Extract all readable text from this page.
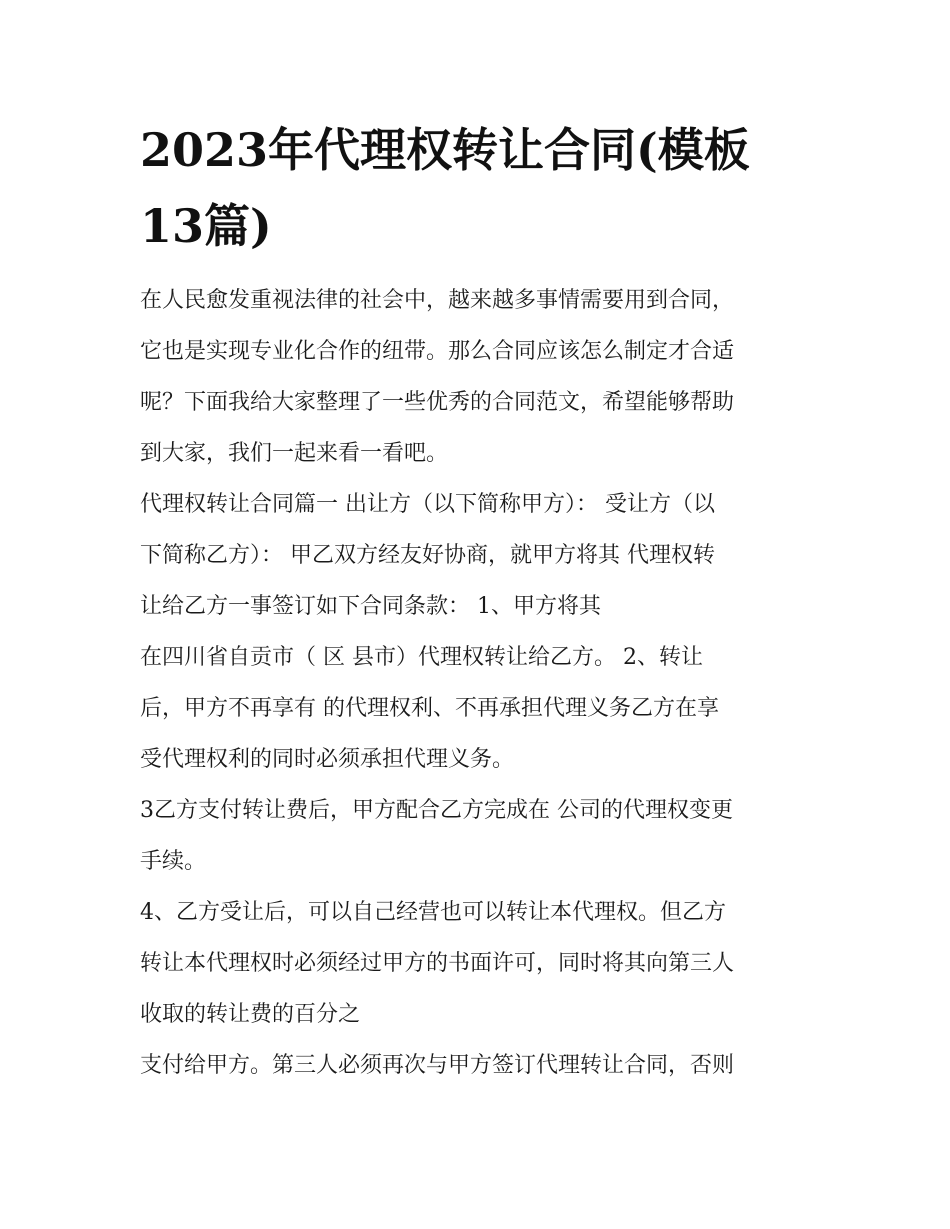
2023年代理权转让合同(模板
13篇)
在人民愈发重视法律的社会中，越来越多事情需要用到合同，
它也是实现专业化合作的纽带。那么合同应该怎么制定才合适
呢？下面我给大家整理了一些优秀的合同范文，希望能够帮助
到大家，我们一起来看一看吧。
代理权转让合同篇一 出让方（以下简称甲方）： 受让方（以
下简称乙方）： 甲乙双方经友好协商，就甲方将其 代理权转
让给乙方一事签订如下合同条款： 1、甲方将其
在四川省自贡市（ 区 县市）代理权转让给乙方。 2、转让
后，甲方不再享有 的代理权利、不再承担代理义务乙方在享
受代理权利的同时必须承担代理义务。
3乙方支付转让费后，甲方配合乙方完成在 公司的代理权变更
手续。
4、乙方受让后，可以自己经营也可以转让本代理权。但乙方
转让本代理权时必须经过甲方的书面许可，同时将其向第三人
收取的转让费的百分之
支付给甲方。第三人必须再次与甲方签订代理转让合同，否则
